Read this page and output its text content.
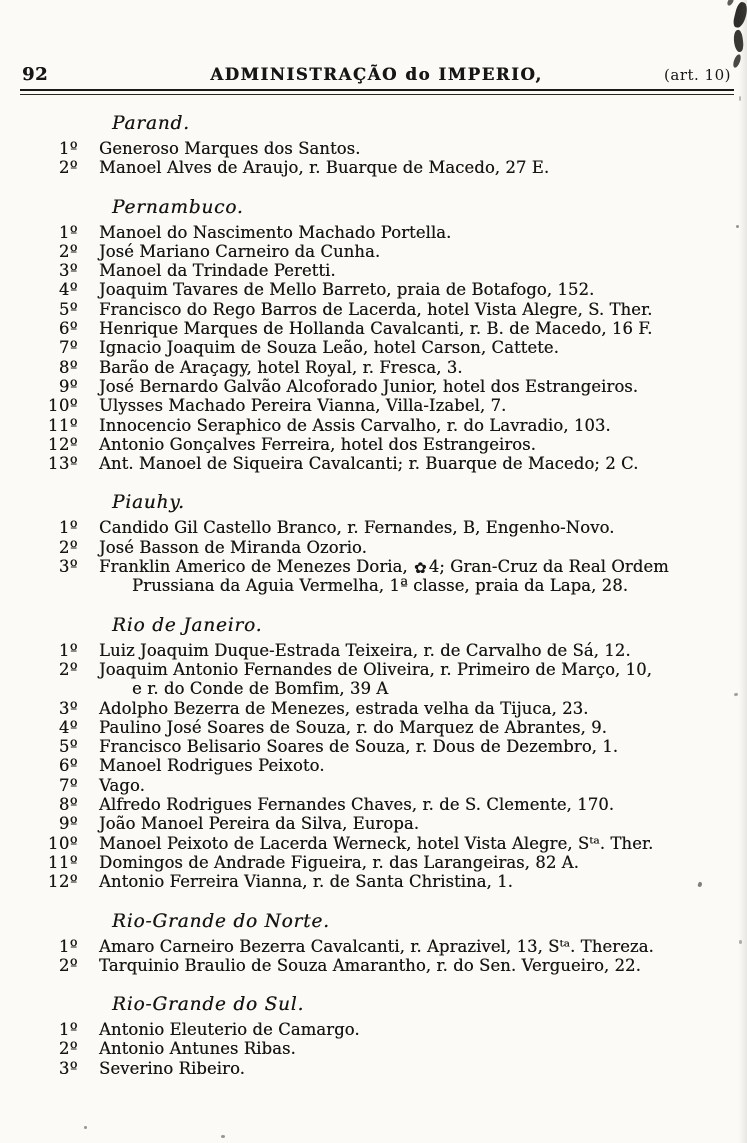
92	ADMINISTRAÇÃO do IMPERIO,	(art. 10)
Parand.
1º Generoso Marques dos Santos.
2º Manoel Alves de Araujo, r. Buarque de Macedo, 27 E.
Pernambuco.
1º Manoel do Nascimento Machado Portella.
2º José Mariano Carneiro da Cunha.
3º Manoel da Trindade Peretti.
4º Joaquim Tavares de Mello Barreto, praia de Botafogo, 152.
5º Francisco do Rego Barros de Lacerda, hotel Vista Alegre, S. Ther.
6º Henrique Marques de Hollanda Cavalcanti, r. B. de Macedo, 16 F.
7º Ignacio Joaquim de Souza Leão, hotel Carson, Cattete.
8º Barão de Araçagy, hotel Royal, r. Fresca, 3.
9º José Bernardo Galvão Alcoforado Junior, hotel dos Estrangeiros.
10º Ulysses Machado Pereira Vianna, Villa-Izabel, 7.
11º Innocencio Seraphico de Assis Carvalho, r. do Lavradio, 103.
12º Antonio Gonçalves Ferreira, hotel dos Estrangeiros.
13º Ant. Manoel de Siqueira Cavalcanti; r. Buarque de Macedo; 2 C.
Piauhy.
1º Candido Gil Castello Branco, r. Fernandes, B, Engenho-Novo.
2º José Basson de Miranda Ozorio.
3º Franklin Americo de Menezes Doria, ✿ 4; Gran-Cruz da Real Ordem
Prussiana da Aguia Vermelha, 1ª classe, praia da Lapa, 28.
Rio de Janeiro.
1º Luiz Joaquim Duque-Estrada Teixeira, r. de Carvalho de Sá, 12.
2º Joaquim Antonio Fernandes de Oliveira, r. Primeiro de Março, 10,
e r. do Conde de Bomfim, 39 A
3º Adolpho Bezerra de Menezes, estrada velha da Tijuca, 23.
4º Paulino José Soares de Souza, r. do Marquez de Abrantes, 9.
5º Francisco Belisario Soares de Souza, r. Dous de Dezembro, 1.
6º Manoel Rodrigues Peixoto.
7º Vago.
8º Alfredo Rodrigues Fernandes Chaves, r. de S. Clemente, 170.
9º João Manoel Pereira da Silva, Europa.
10º Manoel Peixoto de Lacerda Werneck, hotel Vista Alegre, Sᵗᵃ. Ther.
11º Domingos de Andrade Figueira, r. das Larangeiras, 82 A.
12º Antonio Ferreira Vianna, r. de Santa Christina, 1.
Rio-Grande do Norte.
1º Amaro Carneiro Bezerra Cavalcanti, r. Aprazivel, 13, Sᵗᵃ. Thereza.
2º Tarquinio Braulio de Souza Amarantho, r. do Sen. Vergueiro, 22.
Rio-Grande do Sul.
1º Antonio Eleuterio de Camargo.
2º Antonio Antunes Ribas.
3º Severino Ribeiro.
